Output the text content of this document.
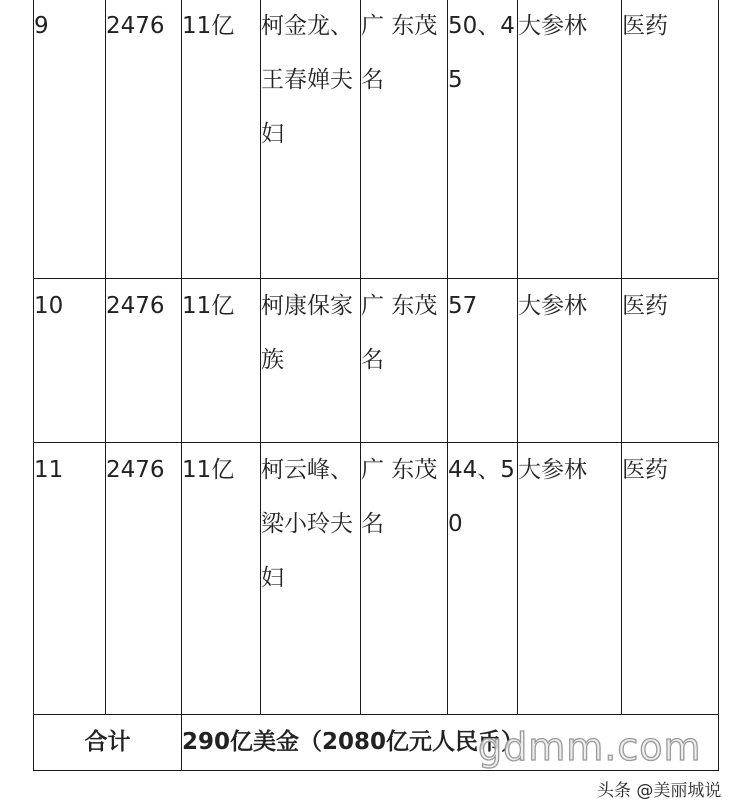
9	2476	11亿	柯金龙、王春婵夫妇	广 东茂名	50、45	大参林	医药
10	2476	11亿	柯康保家族	广 东茂名	57	大参林	医药
11	2476	11亿	柯云峰、梁小玲夫妇	广 东茂名	44、50	大参林	医药
合计		290亿美金（2080亿元人民币）					
gdmm.com
头条 @美丽城说
